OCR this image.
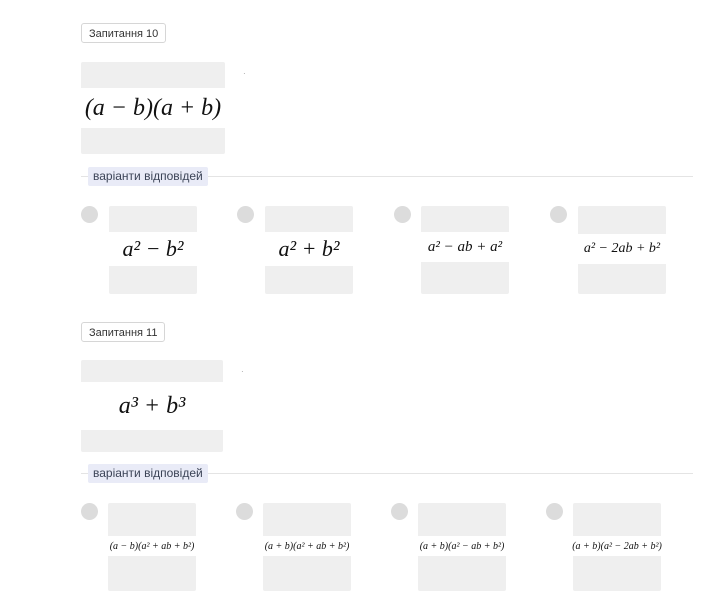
Запитання 10
(a − b)(a + b)
·
варіанти відповідей
a² − b²	a² + b²	a² − ab + a²	a² − 2ab + b²
Запитання 11
a³ + b³
·
варіанти відповідей
(a − b)(a² + ab + b²)	(a + b)(a² + ab + b²)	(a + b)(a² − ab + b²)	(a + b)(a² − 2ab + b²)
